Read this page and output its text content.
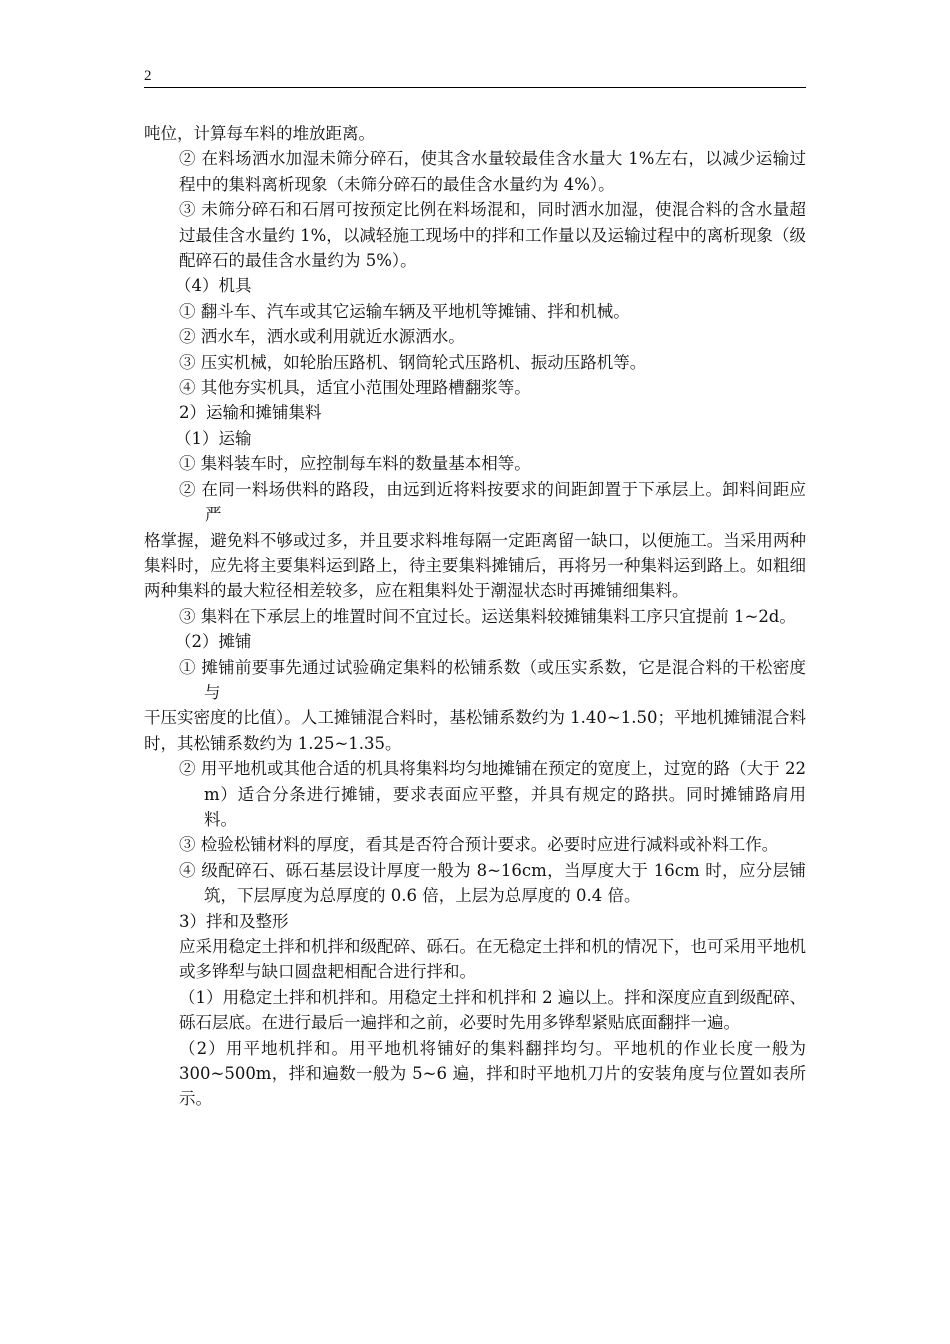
2

吨位，计算每车料的堆放距离。

② 在料场洒水加湿未筛分碎石，使其含水量较最佳含水量大 1%左右，以减少运输过程中的集料离析现象（未筛分碎石的最佳含水量约为 4%）。

③ 未筛分碎石和石屑可按预定比例在料场混和，同时洒水加湿，使混合料的含水量超过最佳含水量约 1%，以减轻施工现场中的拌和工作量以及运输过程中的离析现象（级配碎石的最佳含水量约为 5%）。

（4）机具

① 翻斗车、汽车或其它运输车辆及平地机等摊铺、拌和机械。

② 洒水车，洒水或利用就近水源洒水。

③ 压实机械，如轮胎压路机、钢筒轮式压路机、振动压路机等。

④ 其他夯实机具，适宜小范围处理路槽翻浆等。

2）运输和摊铺集料

（1）运输

① 集料装车时，应控制每车料的数量基本相等。

② 在同一料场供料的路段，由远到近将料按要求的间距卸置于下承层上。卸料间距应严

格掌握，避免料不够或过多，并且要求料堆每隔一定距离留一缺口，以便施工。当采用两种集料时，应先将主要集料运到路上，待主要集料摊铺后，再将另一种集料运到路上。如粗细两种集料的最大粒径相差较多，应在粗集料处于潮湿状态时再摊铺细集料。

③ 集料在下承层上的堆置时间不宜过长。运送集料较摊铺集料工序只宜提前 1~2d。

（2）摊铺

① 摊铺前要事先通过试验确定集料的松铺系数（或压实系数，它是混合料的干松密度与

干压实密度的比值）。人工摊铺混合料时，基松铺系数约为 1.40~1.50；平地机摊铺混合料时，其松铺系数约为 1.25~1.35。

② 用平地机或其他合适的机具将集料均匀地摊铺在预定的宽度上，过宽的路（大于 22 m）适合分条进行摊铺，要求表面应平整，并具有规定的路拱。同时摊铺路肩用料。

③ 检验松铺材料的厚度，看其是否符合预计要求。必要时应进行减料或补料工作。

④ 级配碎石、砾石基层设计厚度一般为 8~16cm，当厚度大于 16cm 时，应分层铺筑，下层厚度为总厚度的 0.6 倍，上层为总厚度的 0.4 倍。

3）拌和及整形

应采用稳定土拌和机拌和级配碎、砾石。在无稳定土拌和机的情况下，也可采用平地机或多铧犁与缺口圆盘耙相配合进行拌和。

（1）用稳定土拌和机拌和。用稳定土拌和机拌和 2 遍以上。拌和深度应直到级配碎、砾石层底。在进行最后一遍拌和之前，必要时先用多铧犁紧贴底面翻拌一遍。

（2）用平地机拌和。用平地机将铺好的集料翻拌均匀。平地机的作业长度一般为 300~500m，拌和遍数一般为 5~6 遍，拌和时平地机刀片的安装角度与位置如表所示。
